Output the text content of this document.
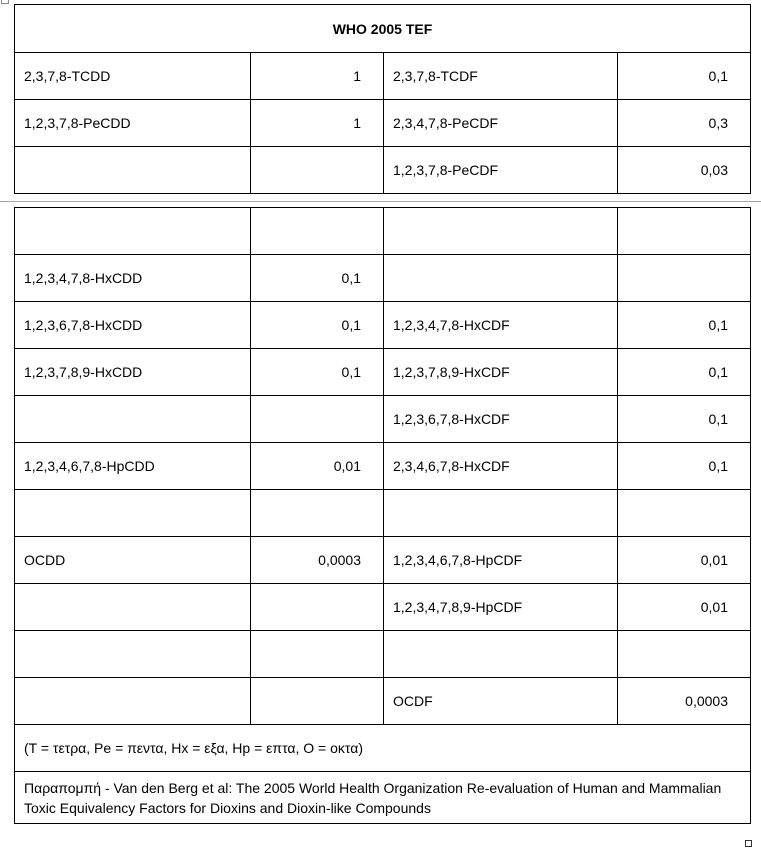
WHO 2005 TEF			
2,3,7,8-TCDD	1	2,3,7,8-TCDF	0,1
1,2,3,7,8-PeCDD	1	2,3,4,7,8-PeCDF	0,3
		1,2,3,7,8-PeCDF	0,03

1,2,3,4,7,8-HxCDD	0,1		
1,2,3,6,7,8-HxCDD	0,1	1,2,3,4,7,8-HxCDF	0,1
1,2,3,7,8,9-HxCDD	0,1	1,2,3,7,8,9-HxCDF	0,1
		1,2,3,6,7,8-HxCDF	0,1
1,2,3,4,6,7,8-HpCDD	0,01	2,3,4,6,7,8-HxCDF	0,1

OCDD	0,0003	1,2,3,4,6,7,8-HpCDF	0,01
		1,2,3,4,7,8,9-HpCDF	0,01

		OCDF	0,0003
(T = τετρα, Pe = πεντα, Hx = εξα, Hp = επτα, O = οκτα)			
Παραπομπή - Van den Berg et al: The 2005 World Health Organization Re-evaluation of Human and Mammalian Toxic Equivalency Factors for Dioxins and Dioxin-like Compounds			
